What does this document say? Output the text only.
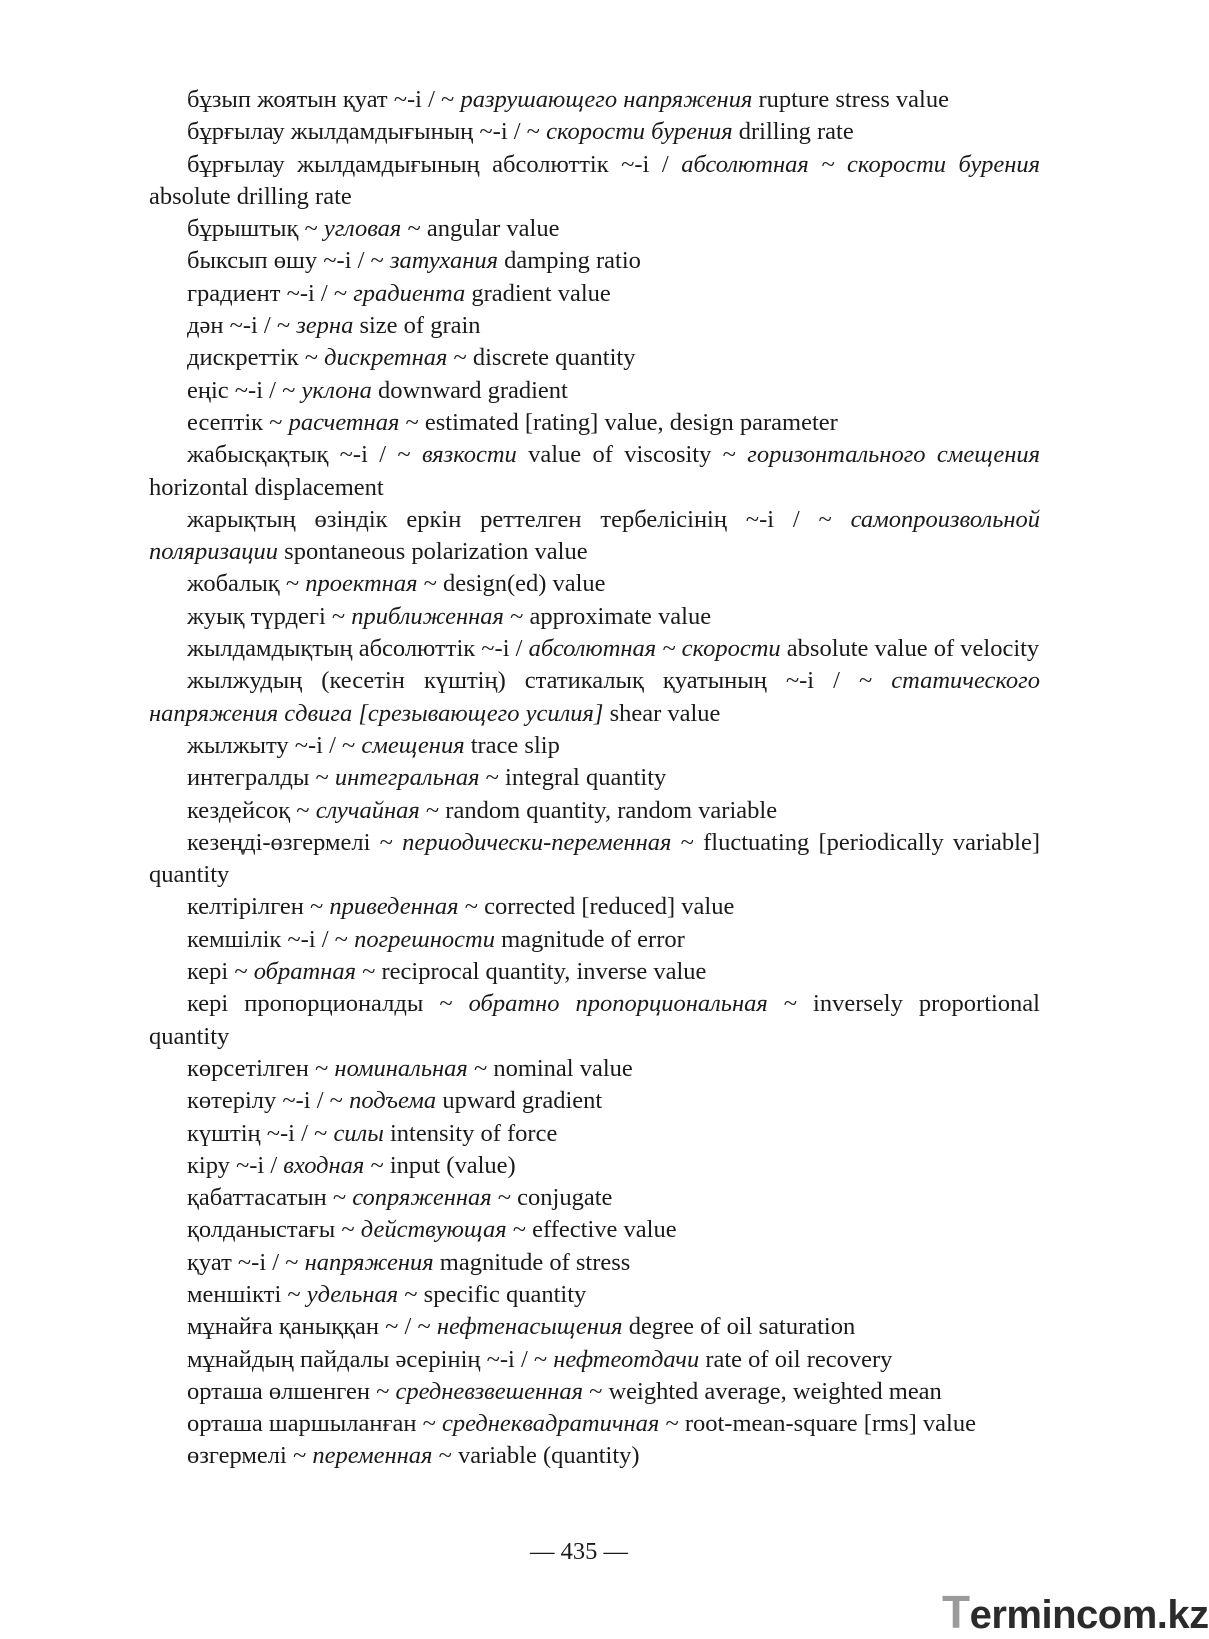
бұзып жоятын қуат ~-і / ~ разрушающего напряжения rupture stress value

бұрғылау жылдамдығының ~-і / ~ скорости бурения drilling rate

бұрғылау жылдамдығының абсолюттік ~-і / абсолютная ~ скорости бурения absolute drilling rate

бұрыштық ~ угловая ~ angular value

быксып өшу ~-і / ~ затухания damping ratio

градиент ~-і / ~ градиента gradient value

дән ~-і / ~ зерна size of grain

дискреттік ~ дискретная ~ discrete quantity

еңіс ~-і / ~ уклона downward gradient

есептік ~ расчетная ~ estimated [rating] value, design parameter

жабысқақтық ~-і / ~ вязкости value of viscosity ~ горизонтального смещения horizontal displacement

жарықтың өзіндік еркін реттелген тербелісінің ~-і / ~ самопроизвольной поляризации spontaneous polarization value

жобалық ~ проектная ~ design(ed) value

жуық түрдегі ~ приближенная ~ approximate value

жылдамдықтың абсолюттік ~-і / абсолютная ~ скорости absolute value of velocity

жылжудың (кесетін күштің) статикалық қуатының ~-і / ~ статического напряжения сдвига [срезывающего усилия] shear value

жылжыту ~-і / ~ смещения trace slip

интегралды ~ интегральная ~ integral quantity

кездейсоқ ~ случайная ~ random quantity, random variable

кезеңді-өзгермелі ~ периодически-переменная ~ fluctuating [periodically variable] quantity

келтірілген ~ приведенная ~ corrected [reduced] value

кемшілік ~-і / ~ погрешности magnitude of error

кері ~ обратная ~ reciprocal quantity, inverse value

кері пропорционалды ~ обратно пропорциональная ~ inversely proportional quantity

көрсетілген ~ номинальная ~ nominal value

көтерілу ~-і / ~ подъема upward gradient

күштің ~-і / ~ силы intensity of force

кіру ~-і / входная ~ input (value)

қабаттасатын ~ сопряженная ~ conjugate

қолданыстағы ~ действующая ~ effective value

қуат ~-і / ~ напряжения magnitude of stress

меншікті ~ удельная ~ specific quantity

мұнайға қаныққан ~ / ~ нефтенасыщения degree of oil saturation

мұнайдың пайдалы әсерінің ~-і / ~ нефтеотдачи rate of oil recovery

орташа өлшенген ~ средневзвешенная ~ weighted average, weighted mean

орташа шаршыланған ~ среднеквадратичная ~ root-mean-square [rms] value

өзгермелі ~ переменная ~ variable (quantity)

— 435 —
Termincom.kz
